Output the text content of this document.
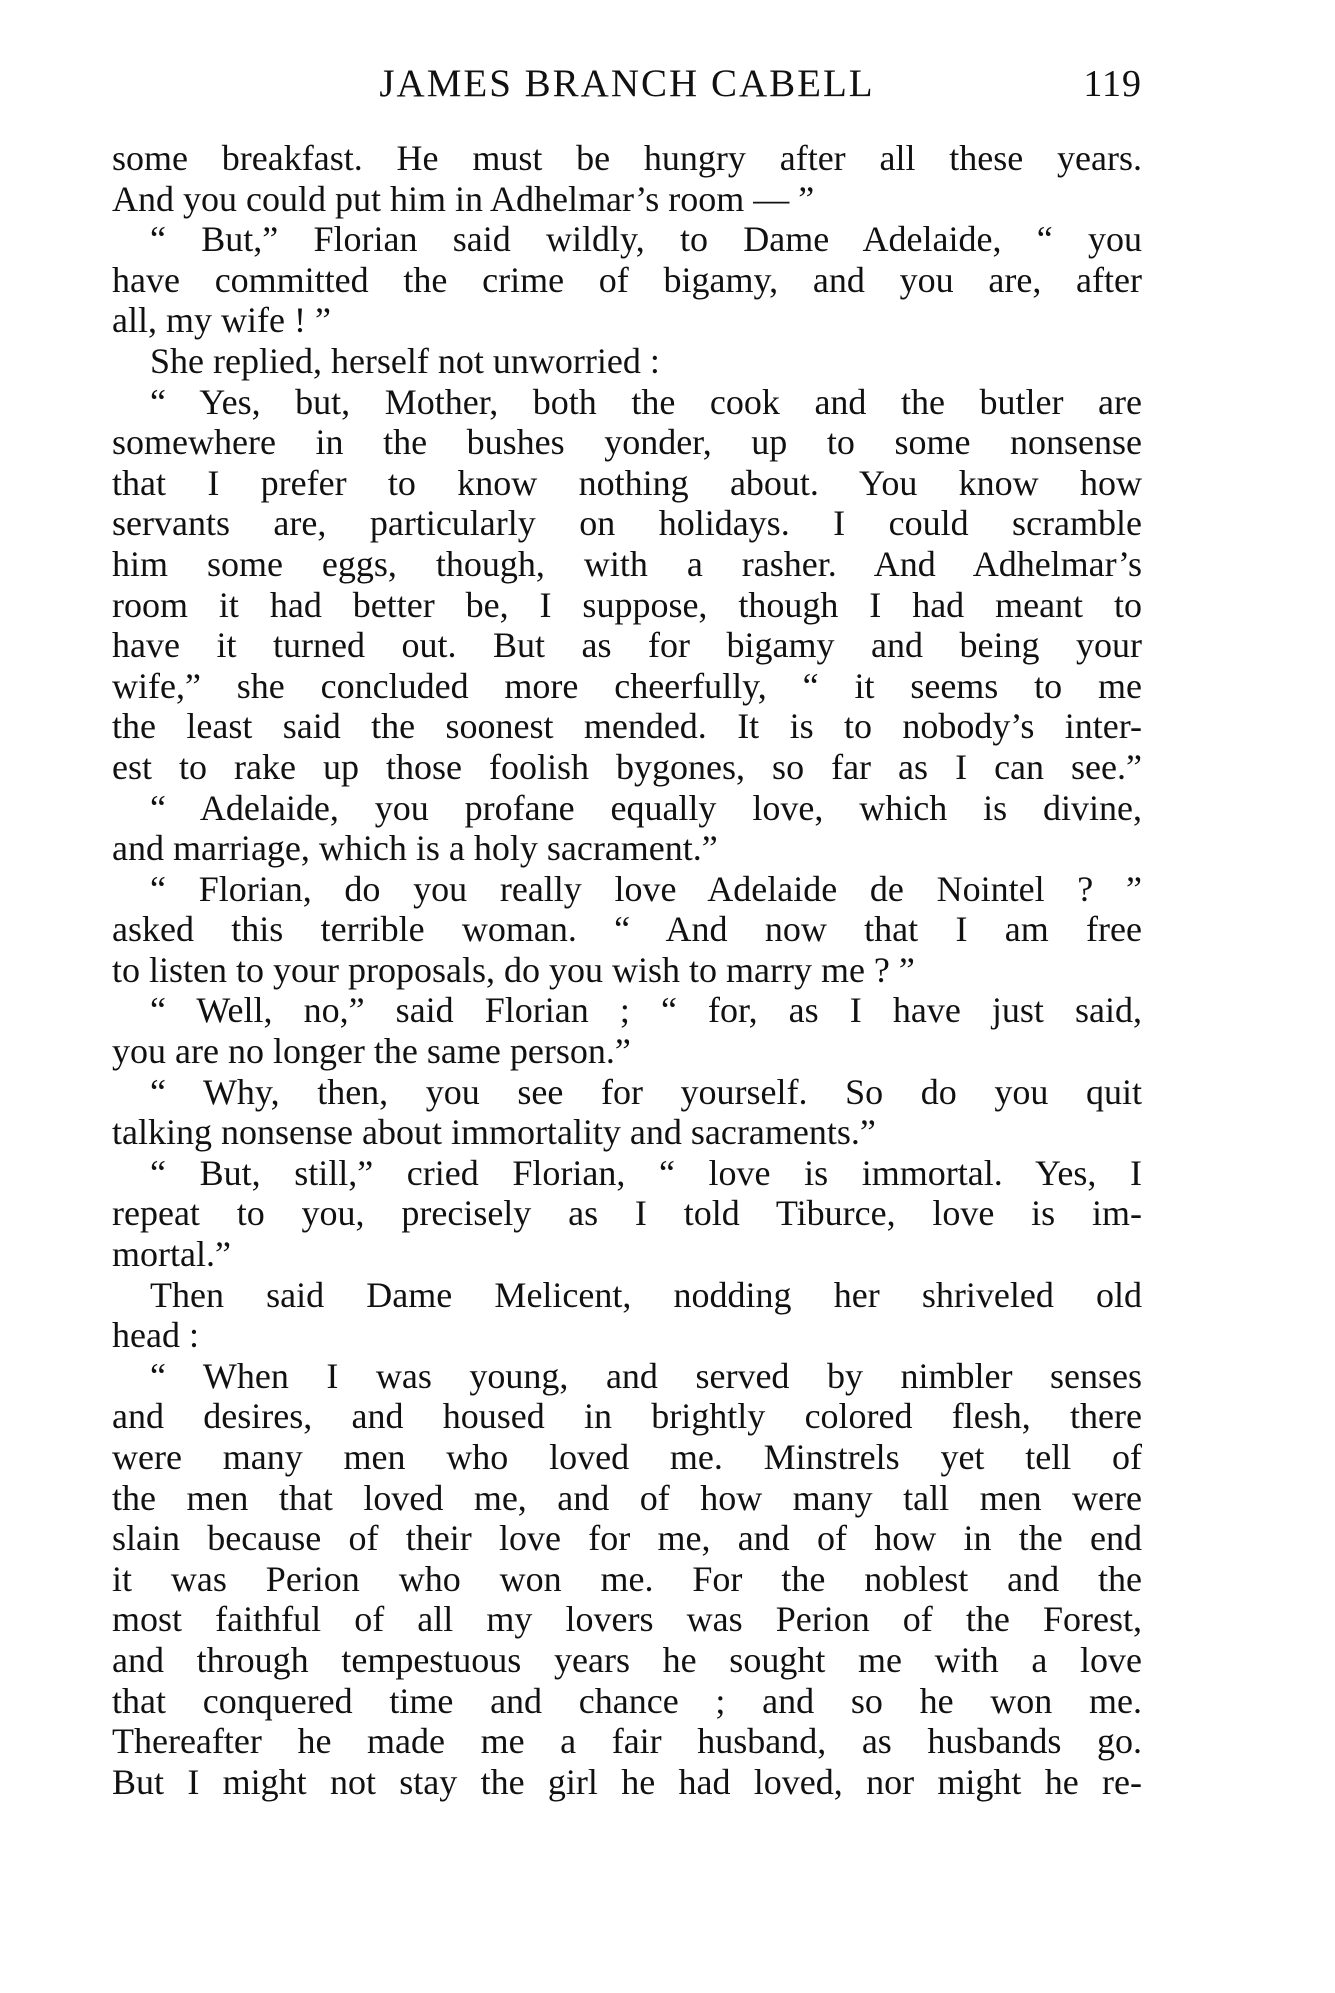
JAMES BRANCH CABELL	119
some breakfast. He must be hungry after all these years.
And you could put him in Adhelmar’s room — ”
“ But,” Florian said wildly, to Dame Adelaide, “ you
have committed the crime of bigamy, and you are, after
all, my wife ! ”
She replied, herself not unworried :
“ Yes, but, Mother, both the cook and the butler are
somewhere in the bushes yonder, up to some nonsense
that I prefer to know nothing about. You know how
servants are, particularly on holidays. I could scramble
him some eggs, though, with a rasher. And Adhelmar’s
room it had better be, I suppose, though I had meant to
have it turned out. But as for bigamy and being your
wife,” she concluded more cheerfully, “ it seems to me
the least said the soonest mended. It is to nobody’s inter-
est to rake up those foolish bygones, so far as I can see.”
“ Adelaide, you profane equally love, which is divine,
and marriage, which is a holy sacrament.”
“ Florian, do you really love Adelaide de Nointel ? ”
asked this terrible woman. “ And now that I am free
to listen to your proposals, do you wish to marry me ? ”
“ Well, no,” said Florian ; “ for, as I have just said,
you are no longer the same person.”
“ Why, then, you see for yourself. So do you quit
talking nonsense about immortality and sacraments.”
“ But, still,” cried Florian, “ love is immortal. Yes, I
repeat to you, precisely as I told Tiburce, love is im-
mortal.”
Then said Dame Melicent, nodding her shriveled old
head :
“ When I was young, and served by nimbler senses
and desires, and housed in brightly colored flesh, there
were many men who loved me. Minstrels yet tell of
the men that loved me, and of how many tall men were
slain because of their love for me, and of how in the end
it was Perion who won me. For the noblest and the
most faithful of all my lovers was Perion of the Forest,
and through tempestuous years he sought me with a love
that conquered time and chance ; and so he won me.
Thereafter he made me a fair husband, as husbands go.
But I might not stay the girl he had loved, nor might he re-
